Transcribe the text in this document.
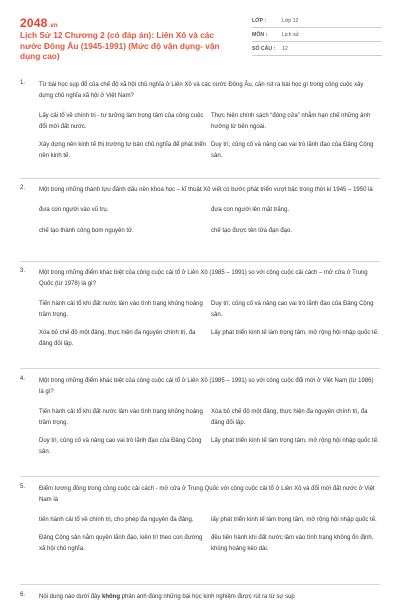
2048.vn
Lịch Sử 12 Chương 2 (có đáp án): Liên Xô và các nước Đông Âu (1945-1991) (Mức độ vận dụng- vận dụng cao)
LỚP :	Lớp 12
MÔN :	Lịch sử
SỐ CÂU :	12
1. Từ bài học sụp đổ của chế độ xã hội chủ nghĩa ở Liên Xô và các nước Đông Âu, cần rút ra bài học gì trong công cuộc xây dựng chủ nghĩa xã hội ở Việt Nam?
Lấy cải tổ về chính trị - tư tưởng làm trọng tâm của công cuộc đổi mới đất nước.
Thực hiện chính sách “đóng cửa” nhằm hạn chế những ảnh hưởng từ bên ngoài.
Xây dựng nền kinh tế thị trường tư bản chủ nghĩa để phát triển nền kinh tế.
Duy trì, củng cố và nâng cao vai trò lãnh đạo của Đảng Cộng sản.
2. Một trong những thành tựu đánh dấu nền khoa học – kĩ thuật Xô viết có bước phát triển vượt bậc trong thời kì 1945 – 1950 là
đưa con người vào vũ trụ.	đưa con người lên mặt trăng.
chế tạo thành công bom nguyên tử.	chế tạo được tên lửa đạn đạo.
3. Một trong những điểm khác biệt của công cuộc cải tổ ở Liên Xô (1985 – 1991) so với công cuộc cải cách – mở cửa ở Trung Quốc (từ 1978) là gì?
Tiến hành cải tổ khi đất nước lâm vào tình trạng khủng hoảng trầm trọng.
Duy trì, củng cố và nâng cao vai trò lãnh đạo của Đảng Cộng sản.
Xóa bỏ chế độ một đảng, thực hiện đa nguyên chính trị, đa đảng đối lập.
Lấy phát triển kinh tế làm trọng tâm, mở rộng hội nhập quốc tế.
4. Một trong những điểm khác biệt của công cuộc cải tổ ở Liên Xô (1985 – 1991) so với công cuộc đổi mới ở Việt Nam (từ 1986) là gì?
Tiến hành cải tổ khi đất nước lâm vào tình trạng khủng hoảng trầm trọng.
Xóa bỏ chế độ một đảng, thực hiện đa nguyên chính trị, đa đảng đối lập.
Duy trì, củng cố và nâng cao vai trò lãnh đạo của Đảng Cộng sản.
Lấy phát triển kinh tế làm trọng tâm, mở rộng hội nhập quốc tế.
5. Điểm tương đồng trong công cuộc cải cách - mở cửa ở Trung Quốc với công cuộc cải tổ ở Liên Xô và đổi mới đất nước ở Việt Nam là
tiến hành cải tổ về chính trị, cho phép đa nguyên đa đảng.	lấy phát triển kinh tế làm trọng tâm, mở rộng hội nhập quốc tế.
Đảng Cộng sản nắm quyền lãnh đạo, kiên trì theo con đường xã hội chủ nghĩa.
đều tiến hành khi đất nước lâm vào tình trạng không ổn định, khủng hoảng kéo dài.
6. Nội dung nào dưới đây không phản ánh đúng những bài học kinh nghiệm được rút ra từ sự sụp
